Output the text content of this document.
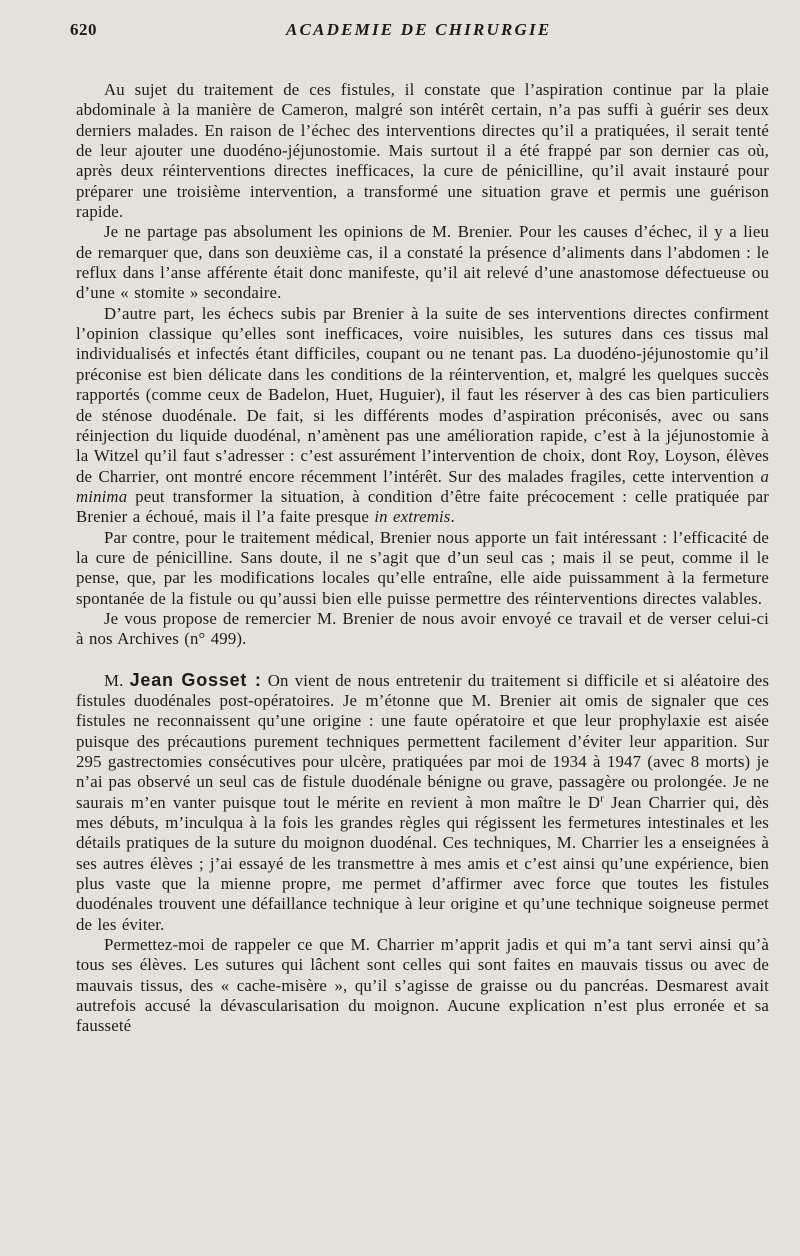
620	ACADEMIE DE CHIRURGIE

Au sujet du traitement de ces fistules, il constate que l’aspiration continue par la plaie abdominale à la manière de Cameron, malgré son intérêt certain, n’a pas suffi à guérir ses deux derniers malades. En raison de l’échec des interventions directes qu’il a pratiquées, il serait tenté de leur ajouter une duodéno-jéjunostomie. Mais surtout il a été frappé par son dernier cas où, après deux réinterventions directes inefficaces, la cure de pénicilline, qu’il avait instauré pour préparer une troisième intervention, a transformé une situation grave et permis une guérison rapide.

Je ne partage pas absolument les opinions de M. Brenier. Pour les causes d’échec, il y a lieu de remarquer que, dans son deuxième cas, il a constaté la présence d’aliments dans l’abdomen : le reflux dans l’anse afférente était donc manifeste, qu’il ait relevé d’une anastomose défectueuse ou d’une « stomite » secondaire.

D’autre part, les échecs subis par Brenier à la suite de ses interventions directes confirment l’opinion classique qu’elles sont inefficaces, voire nuisibles, les sutures dans ces tissus mal individualisés et infectés étant difficiles, coupant ou ne tenant pas. La duodéno-jéjunostomie qu’il préconise est bien délicate dans les conditions de la réintervention, et, malgré les quelques succès rapportés (comme ceux de Badelon, Huet, Huguier), il faut les réserver à des cas bien particuliers de sténose duodénale. De fait, si les différents modes d’aspiration préconisés, avec ou sans réinjection du liquide duodénal, n’amènent pas une amélioration rapide, c’est à la jéjunostomie à la Witzel qu’il faut s’adresser : c’est assurément l’intervention de choix, dont Roy, Loyson, élèves de Charrier, ont montré encore récemment l’intérêt. Sur des malades fragiles, cette intervention a minima peut transformer la situation, à condition d’être faite précocement : celle pratiquée par Brenier a échoué, mais il l’a faite presque in extremis.

Par contre, pour le traitement médical, Brenier nous apporte un fait intéressant : l’efficacité de la cure de pénicilline. Sans doute, il ne s’agit que d’un seul cas ; mais il se peut, comme il le pense, que, par les modifications locales qu’elle entraîne, elle aide puissamment à la fermeture spontanée de la fistule ou qu’aussi bien elle puisse permettre des réinterventions directes valables.

Je vous propose de remercier M. Brenier de nous avoir envoyé ce travail et de verser celui-ci à nos Archives (n° 499).

M. Jean Gosset : On vient de nous entretenir du traitement si difficile et si aléatoire des fistules duodénales post-opératoires. Je m’étonne que M. Brenier ait omis de signaler que ces fistules ne reconnaissent qu’une origine : une faute opératoire et que leur prophylaxie est aisée puisque des précautions purement techniques permettent facilement d’éviter leur apparition. Sur 295 gastrectomies consécutives pour ulcère, pratiquées par moi de 1934 à 1947 (avec 8 morts) je n’ai pas observé un seul cas de fistule duodénale bénigne ou grave, passagère ou prolongée. Je ne saurais m’en vanter puisque tout le mérite en revient à mon maître le $D^r$ Jean Charrier qui, dès mes débuts, m’inculqua à la fois les grandes règles qui régissent les fermetures intestinales et les détails pratiques de la suture du moignon duodénal. Ces techniques, M. Charrier les a enseignées à ses autres élèves ; j’ai essayé de les transmettre à mes amis et c’est ainsi qu’une expérience, bien plus vaste que la mienne propre, me permet d’affirmer avec force que toutes les fistules duodénales trouvent une défaillance technique à leur origine et qu’une technique soigneuse permet de les éviter.

Permettez-moi de rappeler ce que M. Charrier m’apprit jadis et qui m’a tant servi ainsi qu’à tous ses élèves. Les sutures qui lâchent sont celles qui sont faites en mauvais tissus ou avec de mauvais tissus, des « cache-misère », qu’il s’agisse de graisse ou du pancréas. Desmarest avait autrefois accusé la dévascularisation du moignon. Aucune explication n’est plus erronée et sa fausseté
